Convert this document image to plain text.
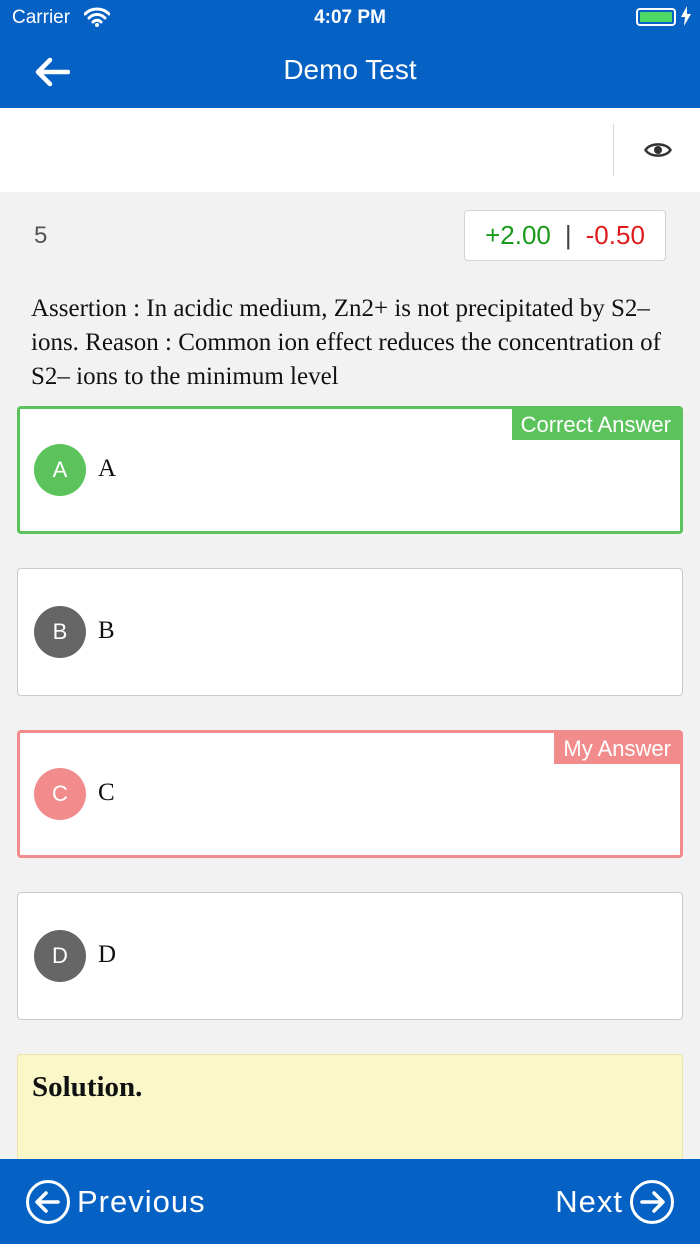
Carrier	4:07 PM
Demo Test
5	+2.00 | -0.50
Assertion : In acidic medium, Zn2+ is not precipitated by S2– ions. Reason : Common ion effect reduces the concentration of S2– ions to the minimum level
Correct Answer
A	A
B	B
My Answer
C	C
D	D
Solution.
Previous	Next
